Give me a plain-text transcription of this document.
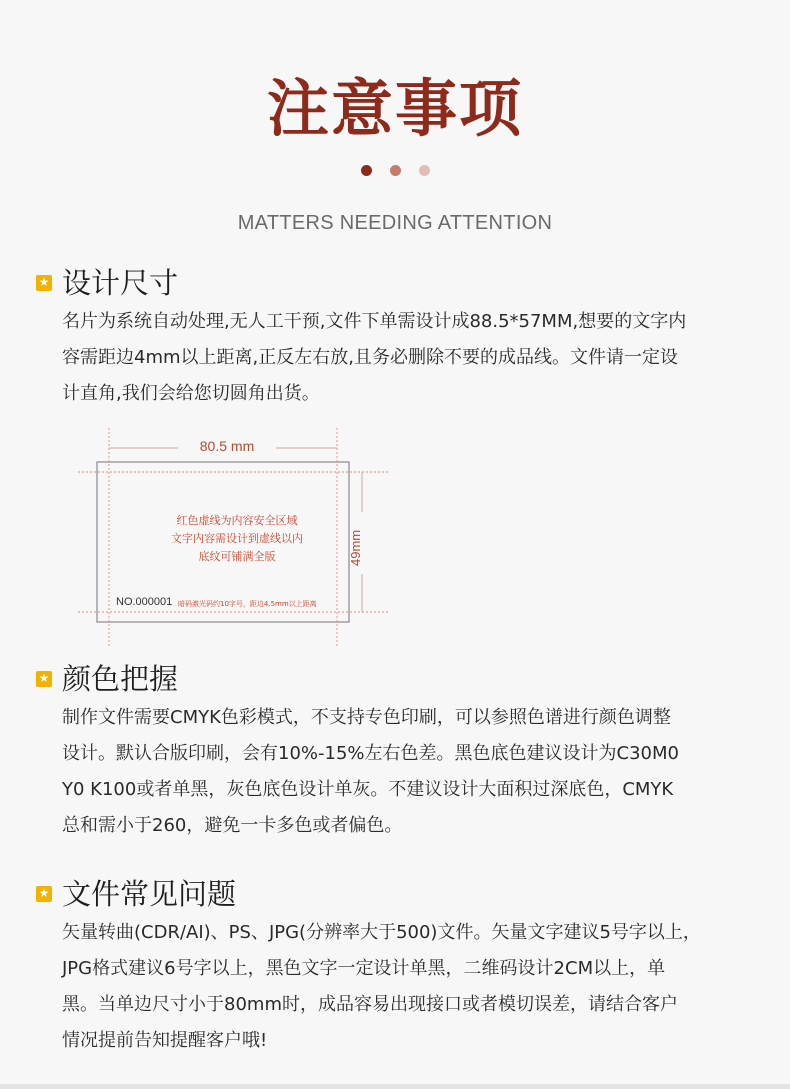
注意事项
MATTERS NEEDING ATTENTION
★
设计尺寸
名片为系统自动处理,无人工干预,文件下单需设计成88.5*57MM,想要的文字内
容需距边4mm以上距离,正反左右放,且务必删除不要的成品线。文件请一定设
计直角,我们会给您切圆角出货。
80.5 mm
49mm
红色虚线为内容安全区域
文字内容需设计到虚线以内
底纹可铺满全版
NO.000001 暗码激光码约10字号，距边4.5mm以上距离
★
颜色把握
制作文件需要CMYK色彩模式，不支持专色印刷，可以参照色谱进行颜色调整
设计。默认合版印刷，会有10%-15%左右色差。黑色底色建议设计为C30M0
Y0 K100或者单黑，灰色底色设计单灰。不建议设计大面积过深底色，CMYK
总和需小于260，避免一卡多色或者偏色。
★
文件常见问题
矢量转曲(CDR/AI)、PS、JPG(分辨率大于500)文件。矢量文字建议5号字以上，
JPG格式建议6号字以上，黑色文字一定设计单黑，二维码设计2CM以上，单
黑。当单边尺寸小于80mm时，成品容易出现接口或者模切误差，请结合客户
情况提前告知提醒客户哦!
